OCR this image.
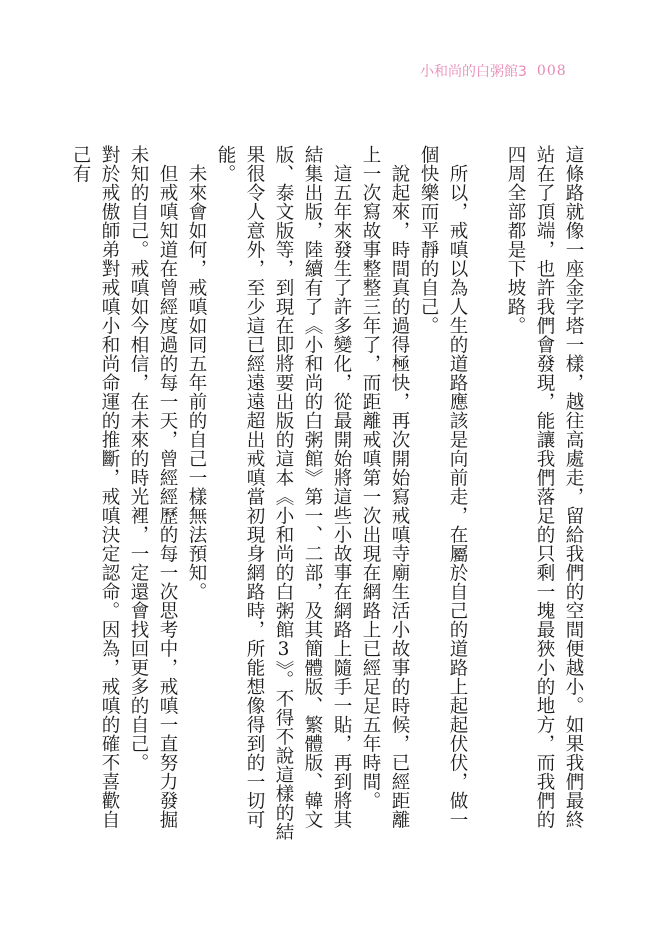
小和尚的白粥館3 008

這條路就像一座金字塔一樣，越往高處走，留給我們的空間便越小。如果我們最終站在了頂端，也許我們會發現，能讓我們落足的只剩一塊最狹小的地方，而我們的四周全部都是下坡路。

所以，戒嗔以為人生的道路應該是向前走，在屬於自己的道路上起起伏伏，做一個快樂而平靜的自己。

說起來，時間真的過得極快，再次開始寫戒嗔寺廟生活小故事的時候，已經距離上一次寫故事整整三年了，而距離戒嗔第一次出現在網路上已經足足五年時間。

這五年來發生了許多變化，從最開始將這些小故事在網路上隨手一貼，再到將其結集出版，陸續有了《小和尚的白粥館》第一、二部，及其簡體版、繁體版、韓文版、泰文版等，到現在即將要出版的這本《小和尚的白粥館3》。不得不說這樣的結果很令人意外，至少這已經遠遠超出戒嗔當初現身網路時，所能想像得到的一切可能。

未來會如何，戒嗔如同五年前的自己一樣無法預知。

但戒嗔知道在曾經度過的每一天，曾經經歷的每一次思考中，戒嗔一直努力發掘未知的自己。戒嗔如今相信，在未來的時光裡，一定還會找回更多的自己。

對於戒傲師弟對戒嗔小和尚命運的推斷，戒嗔決定認命。因為，戒嗔的確不喜歡自己有
